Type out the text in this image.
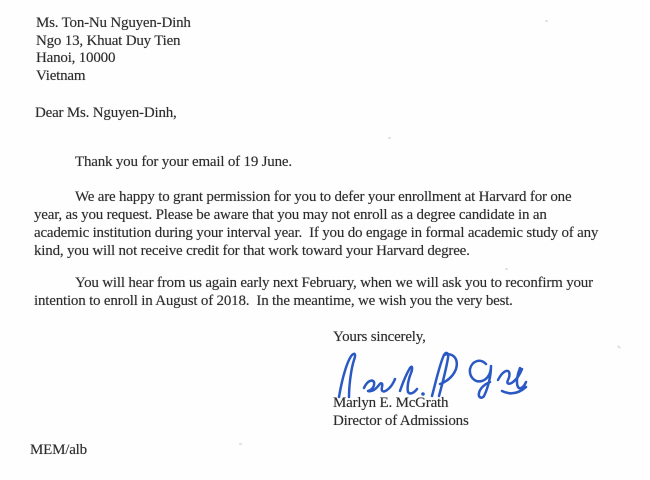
Ms. Ton-Nu Nguyen-Dinh
Ngo 13, Khuat Duy Tien
Hanoi, 10000
Vietnam
Dear Ms. Nguyen-Dinh,
Thank you for your email of 19 June.
We are happy to grant permission for you to defer your enrollment at Harvard for one
year, as you request. Please be aware that you may not enroll as a degree candidate in an
academic institution during your interval year.  If you do engage in formal academic study of any
kind, you will not receive credit for that work toward your Harvard degree.
You will hear from us again early next February, when we will ask you to reconfirm your
intention to enroll in August of 2018.  In the meantime, we wish you the very best.
Yours sincerely,
Marlyn E. McGrath
Director of Admissions
MEM/alb
